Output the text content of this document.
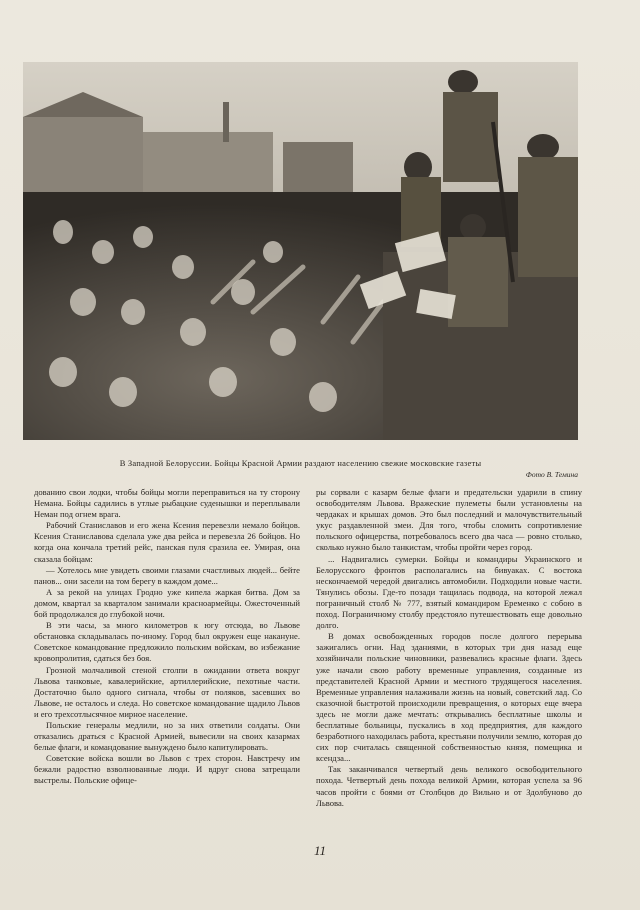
В Западной Белоруссии. Бойцы Красной Армии раздают населению свежие московские газеты
Фото В. Темина

дованию свои лодки, чтобы бойцы могли переправиться на ту сторону Немана. Бойцы садились в утлые рыбацкие суденышки и переплывали Неман под огнем врага.

Рабочий Станиславов и его жена Ксения перевезли немало бойцов. Ксения Станиславова сделала уже два рейса и перевезла 26 бойцов. Но когда она кончала третий рейс, панская пуля сразила ее. Умирая, она сказала бойцам:

— Хотелось мне увидеть своими глазами счастливых людей... бейте панов... они засели на том берегу в каждом доме...

А за рекой на улицах Гродно уже кипела жаркая битва. Дом за домом, квартал за кварталом занимали красноармейцы. Ожесточенный бой продолжался до глубокой ночи.

В эти часы, за много километров к югу отсюда, во Львове обстановка складывалась по-иному. Город был окружен еще накануне. Советское командование предложило польским войскам, во избежание кровопролития, сдаться без боя.

Грозной молчаливой стеной столпи в ожидании ответа вокруг Львова танковые, кавалерийские, артиллерийские, пехотные части. Достаточно было одного сигнала, чтобы от поляков, засевших во Львове, не осталось и следа. Но советское командование щадило Львов и его трехсотлысячное мирное население.

Польские генералы медлили, но за них ответили солдаты. Они отказались драться с Красной Армией, вывесили на своих казармах белые флаги, и командование вынуждено было капитулировать.

Советские войска вошли во Львов с трех сторон. Навстречу им бежали радостно взволнованные люди. И вдруг снова затрещали выстрелы. Польские офице-

ры сорвали с казарм белые флаги и предательски ударили в спину освободителям Львова. Вражеские пулеметы были установлены на чердаках и крышах домов. Это был последний и малочувствительный укус раздавленной змеи. Для того, чтобы сломить сопротивление польского офицерства, потребовалось всего два часа — ровно столько, сколько нужно было танкистам, чтобы пройти через город.

... Надвигались сумерки. Бойцы и командиры Украинского и Белорусского фронтов располагались на бивуаках. С востока нескончаемой чередой двигались автомобили. Подходили новые части. Тянулись обозы. Где-то позади тащилась подвода, на которой лежал пограничный столб № 777, взятый командиром Еременко с собою в поход. Пограничному столбу предстояло путешествовать еще довольно долго.

В домах освобожденных городов после долгого перерыва зажигались огни. Над зданиями, в которых три дня назад еще хозяйничали польские чиновники, развевались красные флаги. Здесь уже начали свою работу временные управления, созданные из представителей Красной Армии и местного трудящегося населения. Временные управления налаживали жизнь на новый, советский лад. Со сказочной быстротой происходили превращения, о которых еще вчера здесь не могли даже мечтать: открывались бесплатные школы и бесплатные больницы, пускались в ход предприятия, для каждого безработного находилась работа, крестьяни получили землю, которая до сих пор считалась священной собственностью князя, помещика и ксендза...

Так заканчивался четвертый день великого освободительного похода. Четвертый день похода великой Армии, которая успела за 96 часов пройти с боями от Столбцов до Вильно и от Здолбуново до Львова.

11
